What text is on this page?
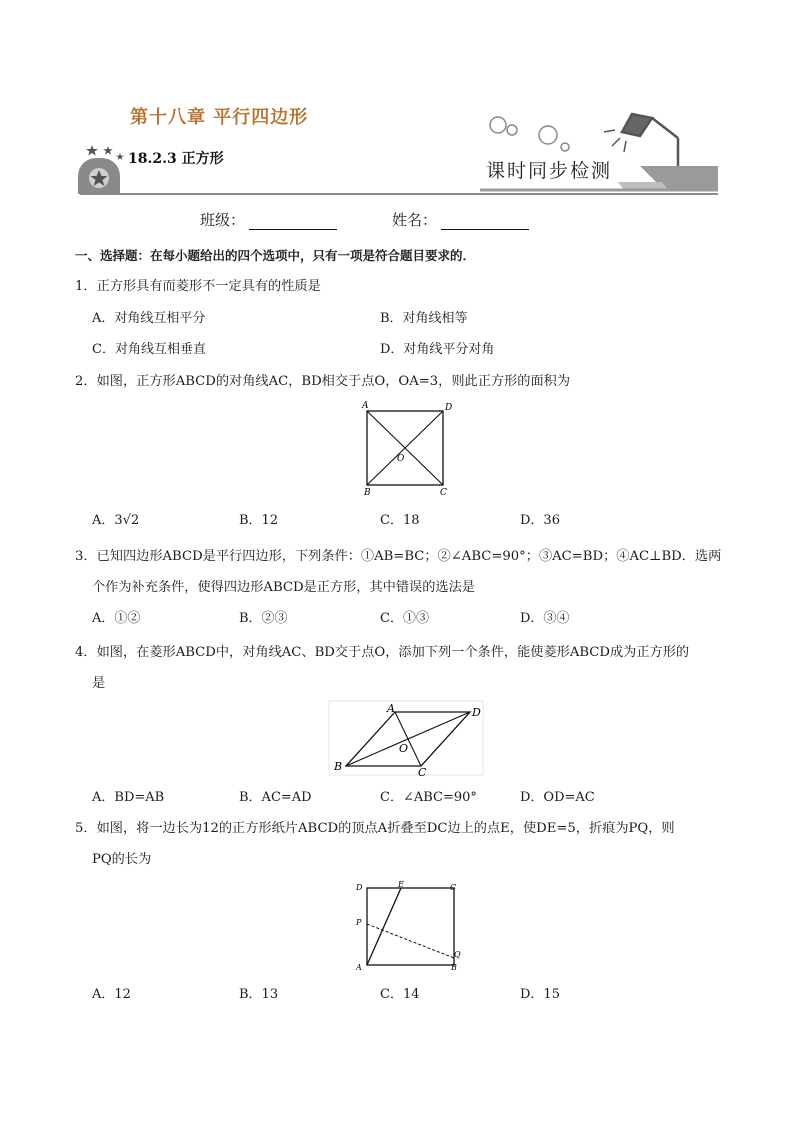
第十八章 平行四边形
18.2.3 正方形
课时同步检测
班级：	姓名：
一、选择题：在每小题给出的四个选项中，只有一项是符合题目要求的．
1．正方形具有而菱形不一定具有的性质是
A．对角线互相平分	B．对角线相等
C．对角线互相垂直	D．对角线平分对角
2．如图，正方形ABCD的对角线AC，BD相交于点O，OA=3，则此正方形的面积为
A	D
O
B	C
A．3√2	B．12	C．18	D．36
3．已知四边形ABCD是平行四边形，下列条件：①AB=BC；②∠ABC=90°；③AC=BD；④AC⊥BD．选两
个作为补充条件，使得四边形ABCD是正方形，其中错误的选法是
A．①②	B．②③	C．①③	D．③④
4．如图，在菱形ABCD中，对角线AC、BD交于点O，添加下列一个条件，能使菱形ABCD成为正方形的
是
A	D
O
B	C
A．BD=AB	B．AC=AD	C．∠ABC=90°	D．OD=AC
5．如图，将一边长为12的正方形纸片ABCD的顶点A折叠至DC边上的点E，使DE=5，折痕为PQ，则
PQ的长为
D	E	C
P
Q
A	B
A．12	B．13	C．14	D．15
